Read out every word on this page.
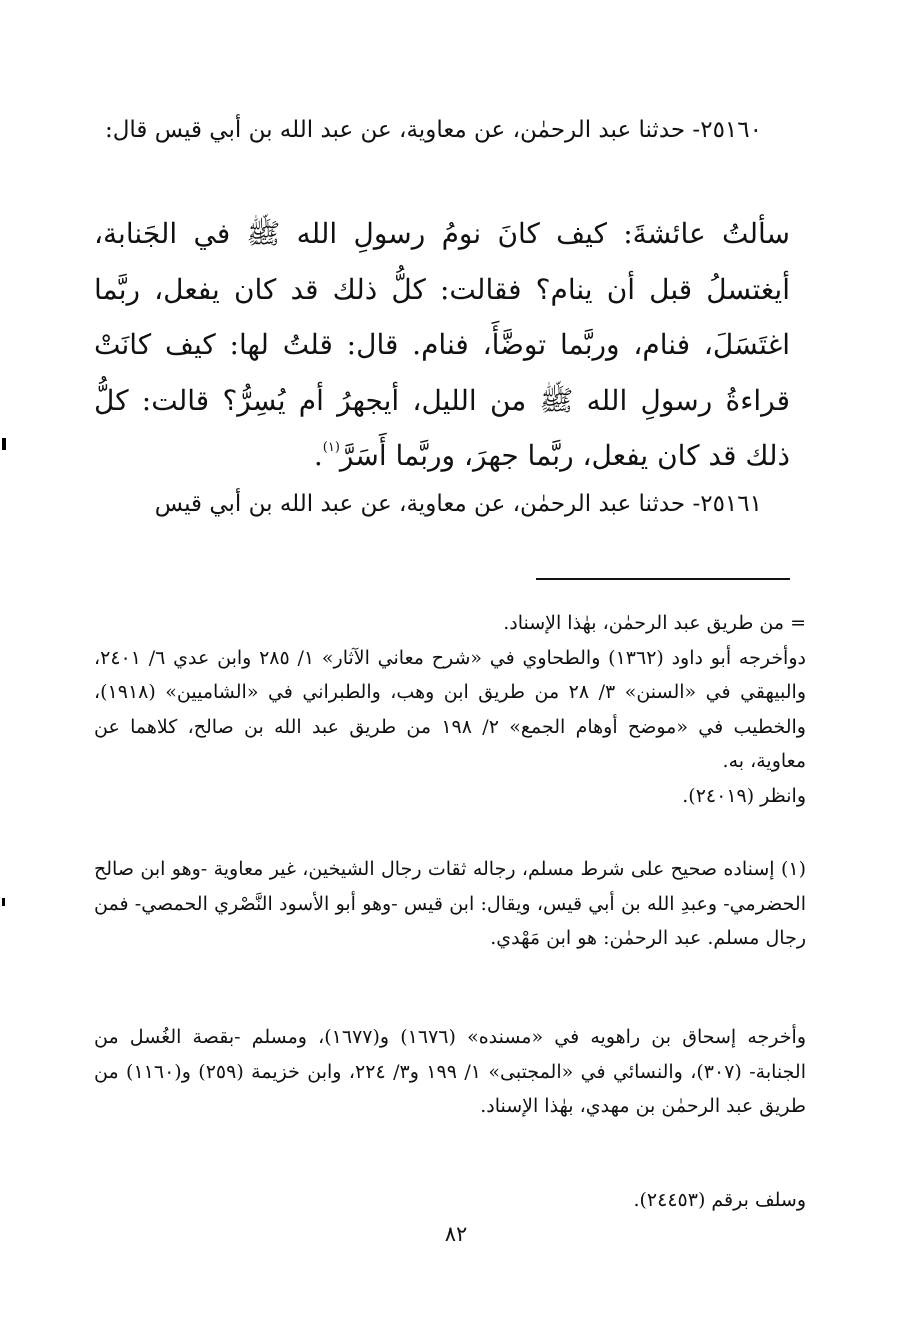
٢٥١٦٠- حدثنا عبد الرحمٰن، عن معاوية، عن عبد الله بن أبي قيس قال:
سألتُ عائشةَ: كيف كانَ نومُ رسولِ الله ﷺ في الجَنابة، أيغتسلُ قبل أن ينام؟ فقالت: كلُّ ذلك قد كان يفعل، ربَّما اغتَسَلَ، فنام، وربَّما توضَّأَ، فنام. قال: قلتُ لها: كيف كانَتْ قراءةُ رسولِ الله ﷺ من الليل، أيجهرُ أم يُسِرُّ؟ قالت: كلُّ ذلك قد كان يفعل، ربَّما جهرَ، وربَّما أَسَرَّ$^{(١)}$.
٢٥١٦١- حدثنا عبد الرحمٰن، عن معاوية، عن عبد الله بن أبي قيس

= من طريق عبد الرحمٰن، بهٰذا الإسناد.

دوأخرجه أبو داود (١٣٦٢) والطحاوي في «شرح معاني الآثار» ١/ ٢٨٥ وابن عدي ٦/ ٢٤٠١، والبيهقي في «السنن» ٣/ ٢٨ من طريق ابن وهب، والطبراني في «الشاميين» (١٩١٨)، والخطيب في «موضح أوهام الجمع» ٢/ ١٩٨ من طريق عبد الله بن صالح، كلاهما عن معاوية، به.

وانظر (٢٤٠١٩).

(١) إسناده صحيح على شرط مسلم، رجاله ثقات رجال الشيخين، غير معاوية -وهو ابن صالح الحضرمي- وعبدِ الله بن أبي قيس، ويقال: ابن قيس -وهو أبو الأسود النَّصْري الحمصي- فمن رجال مسلم. عبد الرحمٰن: هو ابن مَهْدي.

وأخرجه إسحاق بن راهويه في «مسنده» (١٦٧٦) و(١٦٧٧)، ومسلم -بقصة الغُسل من الجنابة- (٣٠٧)، والنسائي في «المجتبى» ١/ ١٩٩ و٣/ ٢٢٤، وابن خزيمة (٢٥٩) و(١١٦٠) من طريق عبد الرحمٰن بن مهدي، بهٰذا الإسناد.

وسلف برقم (٢٤٤٥٣).

٨٢
